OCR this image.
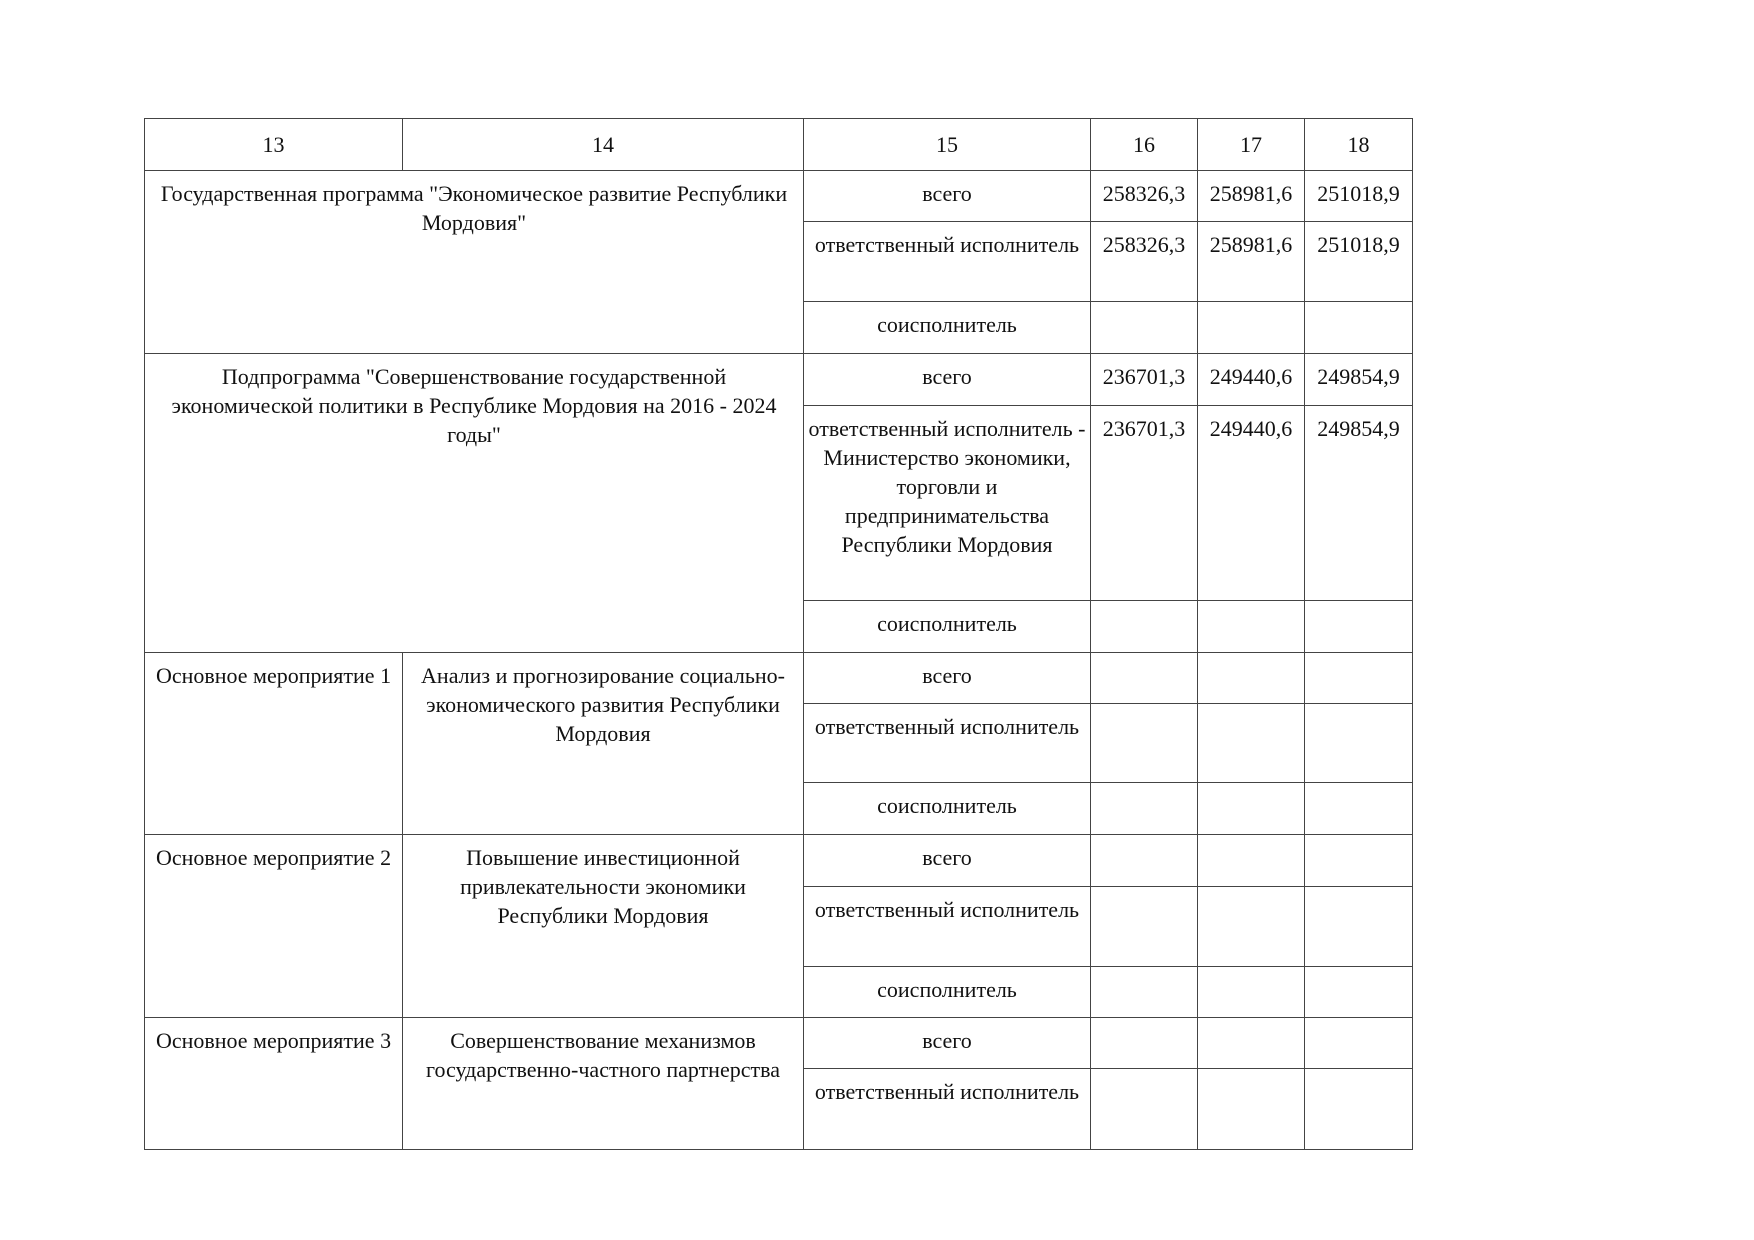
13	14	15	16	17	18
Государственная программа "Экономическое развитие Республики Мордовия"		всего	258326,3	258981,6	251018,9
		ответственный исполнитель	258326,3	258981,6	251018,9
		соисполнитель			
Подпрограмма "Совершенствование государственной экономической политики в Республике Мордовия на 2016 - 2024 годы"		всего	236701,3	249440,6	249854,9
		ответственный исполнитель - Министерство экономики, торговли и предпринимательства Республики Мордовия	236701,3	249440,6	249854,9
		соисполнитель			
Основное мероприятие 1	Анализ и прогнозирование социально-экономического развития Республики Мордовия	всего			
		ответственный исполнитель			
		соисполнитель			
Основное мероприятие 2	Повышение инвестиционной привлекательности экономики Республики Мордовия	всего			
		ответственный исполнитель			
		соисполнитель			
Основное мероприятие 3	Совершенствование механизмов государственно-частного партнерства	всего			
		ответственный исполнитель			
